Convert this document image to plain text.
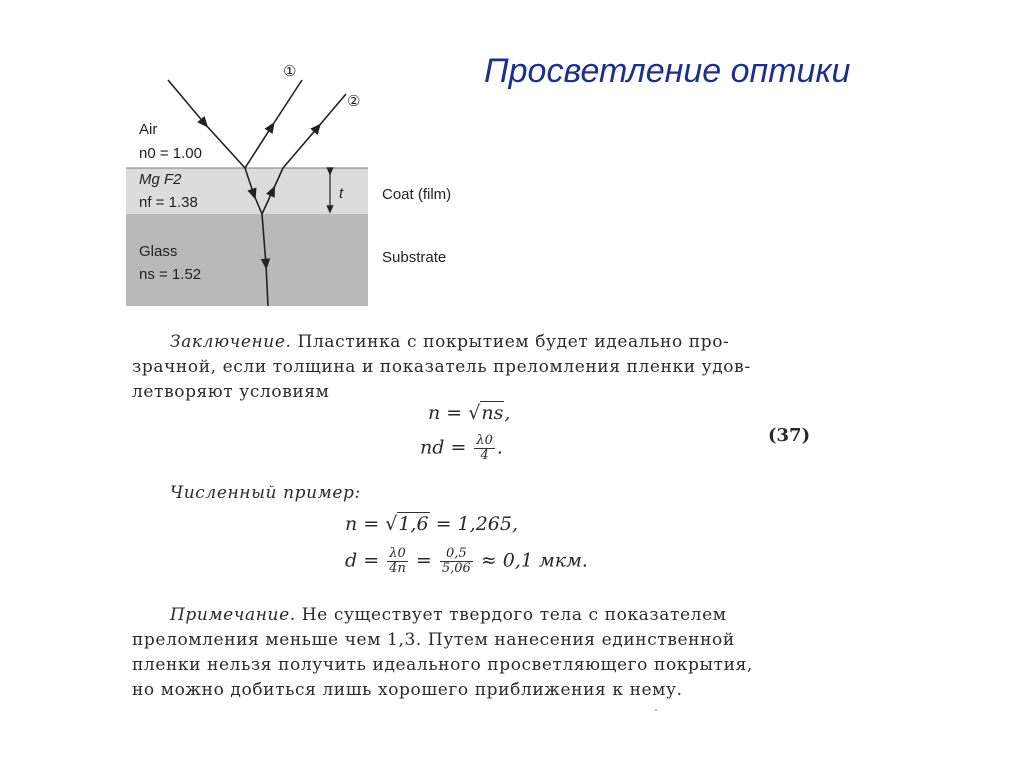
Просветление оптики
①
②
Air
n0 = 1.00
Mg F2
nf = 1.38
t	Coat (film)
Glass
ns = 1.52
Substrate
Заключение. Пластинка с покрытием будет идеально про-
зрачной, если толщина и показатель преломления пленки удов-
летворяют условиям
n = √ns,
nd = $\frac{\lambda 0}{4}$ .
(37)
Численный пример:
n = √1,6 = 1,265,
$d = \frac{\lambda 0}{4n} = \frac{0,5}{5,06} \approx 0,1$ мкм.
Примечание. Не существует твердого тела с показателем
преломления меньше чем 1,3. Путем нанесения единственной
пленки нельзя получить идеального просветляющего покрытия,
но можно добиться лишь хорошего приближения к нему.
